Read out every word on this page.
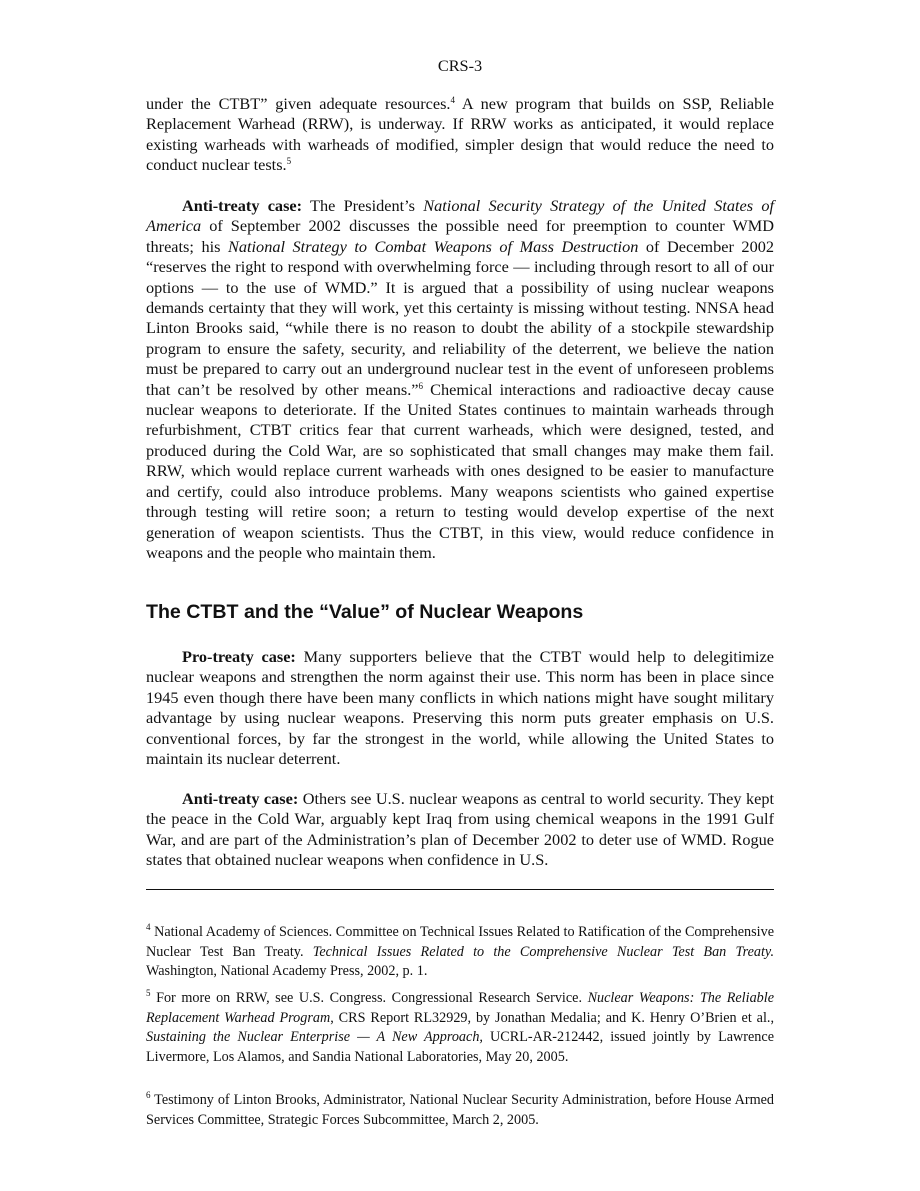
CRS-3

under the CTBT” given adequate resources.$^4$ A new program that builds on SSP, Reliable Replacement Warhead (RRW), is underway. If RRW works as anticipated, it would replace existing warheads with warheads of modified, simpler design that would reduce the need to conduct nuclear tests.$^5$

Anti-treaty case: The President’s National Security Strategy of the United States of America of September 2002 discusses the possible need for preemption to counter WMD threats; his National Strategy to Combat Weapons of Mass Destruction of December 2002 “reserves the right to respond with overwhelming force — including through resort to all of our options — to the use of WMD.” It is argued that a possibility of using nuclear weapons demands certainty that they will work, yet this certainty is missing without testing. NNSA head Linton Brooks said, “while there is no reason to doubt the ability of a stockpile stewardship program to ensure the safety, security, and reliability of the deterrent, we believe the nation must be prepared to carry out an underground nuclear test in the event of unforeseen problems that can’t be resolved by other means.”$^6$ Chemical interactions and radioactive decay cause nuclear weapons to deteriorate. If the United States continues to maintain warheads through refurbishment, CTBT critics fear that current warheads, which were designed, tested, and produced during the Cold War, are so sophisticated that small changes may make them fail. RRW, which would replace current warheads with ones designed to be easier to manufacture and certify, could also introduce problems. Many weapons scientists who gained expertise through testing will retire soon; a return to testing would develop expertise of the next generation of weapon scientists. Thus the CTBT, in this view, would reduce confidence in weapons and the people who maintain them.

The CTBT and the “Value” of Nuclear Weapons

Pro-treaty case: Many supporters believe that the CTBT would help to delegitimize nuclear weapons and strengthen the norm against their use. This norm has been in place since 1945 even though there have been many conflicts in which nations might have sought military advantage by using nuclear weapons. Preserving this norm puts greater emphasis on U.S. conventional forces, by far the strongest in the world, while allowing the United States to maintain its nuclear deterrent.

Anti-treaty case: Others see U.S. nuclear weapons as central to world security. They kept the peace in the Cold War, arguably kept Iraq from using chemical weapons in the 1991 Gulf War, and are part of the Administration’s plan of December 2002 to deter use of WMD. Rogue states that obtained nuclear weapons when confidence in U.S.

$^4$ National Academy of Sciences. Committee on Technical Issues Related to Ratification of the Comprehensive Nuclear Test Ban Treaty. Technical Issues Related to the Comprehensive Nuclear Test Ban Treaty. Washington, National Academy Press, 2002, p. 1.

$^5$ For more on RRW, see U.S. Congress. Congressional Research Service. Nuclear Weapons: The Reliable Replacement Warhead Program, CRS Report RL32929, by Jonathan Medalia; and K. Henry O’Brien et al., Sustaining the Nuclear Enterprise — A New Approach, UCRL-AR-212442, issued jointly by Lawrence Livermore, Los Alamos, and Sandia National Laboratories, May 20, 2005.

$^6$ Testimony of Linton Brooks, Administrator, National Nuclear Security Administration, before House Armed Services Committee, Strategic Forces Subcommittee, March 2, 2005.
